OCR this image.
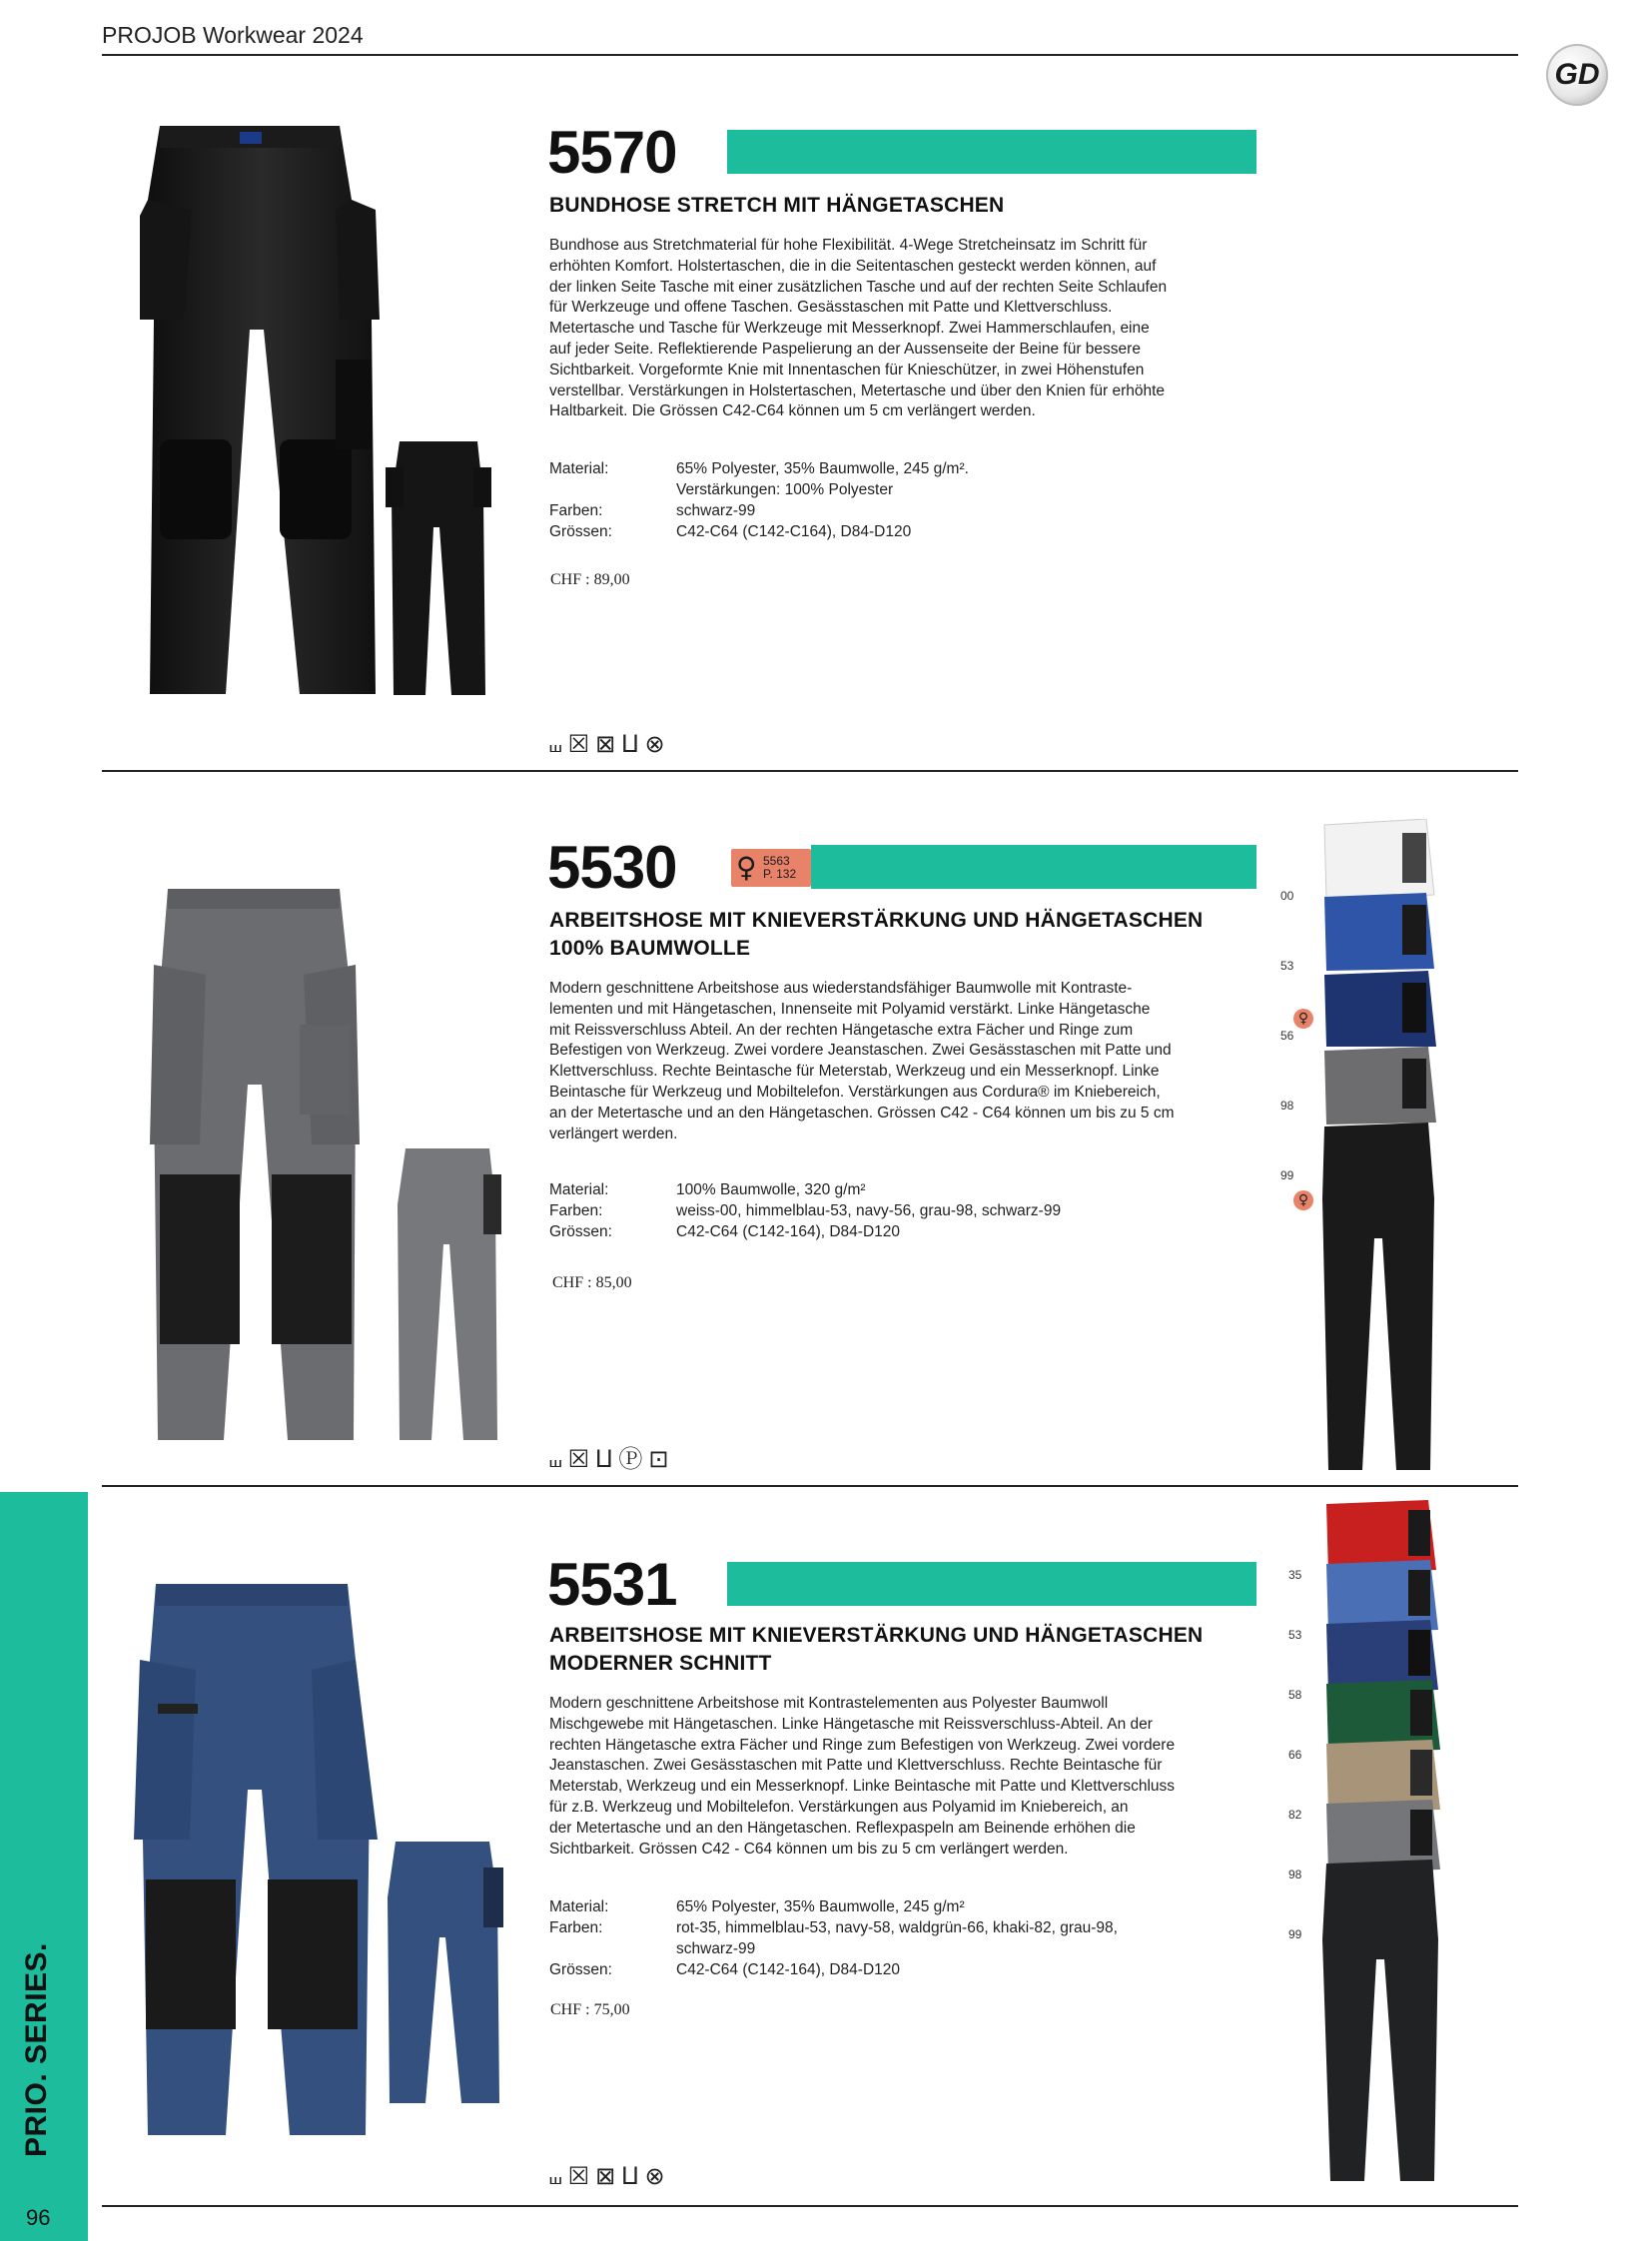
PROJOB Workwear 2024
GD
5570
BUNDHOSE STRETCH MIT HÄNGETASCHEN
Bundhose aus Stretchmaterial für hohe Flexibilität. 4-Wege Stretcheinsatz im Schritt für
erhöhten Komfort. Holstertaschen, die in die Seitentaschen gesteckt werden können, auf
der linken Seite Tasche mit einer zusätzlichen Tasche und auf der rechten Seite Schlaufen
für Werkzeuge und offene Taschen. Gesässtaschen mit Patte und Klettverschluss.
Metertasche und Tasche für Werkzeuge mit Messerknopf. Zwei Hammerschlaufen, eine
auf jeder Seite. Reflektierende Paspelierung an der Aussenseite der Beine für bessere
Sichtbarkeit. Vorgeformte Knie mit Innentaschen für Knieschützer, in zwei Höhenstufen
verstellbar. Verstärkungen in Holstertaschen, Metertasche und über den Knien für erhöhte
Haltbarkeit. Die Grössen C42-C64 können um 5 cm verlängert werden.
Material:	65% Polyester, 35% Baumwolle, 245 g/m².
Verstärkungen: 100% Polyester
Farben:	schwarz-99
Grössen:	C42-C64 (C142-C164), D84-D120
CHF : 89,00
⧢ ☒ ⊠ ⨿ ⊗
5530 ♀ 5563
P. 132
ARBEITSHOSE MIT KNIEVERSTÄRKUNG UND HÄNGETASCHEN
100% BAUMWOLLE
Modern geschnittene Arbeitshose aus wiederstandsfähiger Baumwolle mit Kontraste-
lementen und mit Hängetaschen, Innenseite mit Polyamid verstärkt. Linke Hängetasche
mit Reissverschluss Abteil. An der rechten Hängetasche extra Fächer und Ringe zum
Befestigen von Werkzeug. Zwei vordere Jeanstaschen. Zwei Gesässtaschen mit Patte und
Klettverschluss. Rechte Beintasche für Meterstab, Werkzeug und ein Messerknopf. Linke
Beintasche für Werkzeug und Mobiltelefon. Verstärkungen aus Cordura® im Kniebereich,
an der Metertasche und an den Hängetaschen. Grössen C42 - C64 können um bis zu 5 cm
verlängert werden.
Material:	100% Baumwolle, 320 g/m²
Farben:	weiss-00, himmelblau-53, navy-56, grau-98, schwarz-99
Grössen:	C42-C64 (C142-164), D84-D120
CHF : 85,00
⧢ ☒ ⨿ Ⓟ ⊡
00
53
56
98
99
♀
♀
5531
ARBEITSHOSE MIT KNIEVERSTÄRKUNG UND HÄNGETASCHEN
MODERNER SCHNITT
Modern geschnittene Arbeitshose mit Kontrastelementen aus Polyester Baumwoll
Mischgewebe mit Hängetaschen. Linke Hängetasche mit Reissverschluss-Abteil. An der
rechten Hängetasche extra Fächer und Ringe zum Befestigen von Werkzeug. Zwei vordere
Jeanstaschen. Zwei Gesässtaschen mit Patte und Klettverschluss. Rechte Beintasche für
Meterstab, Werkzeug und ein Messerknopf. Linke Beintasche mit Patte und Klettverschluss
für z.B. Werkzeug und Mobiltelefon. Verstärkungen aus Polyamid im Kniebereich, an
der Metertasche und an den Hängetaschen. Reflexpaspeln am Beinende erhöhen die
Sichtbarkeit. Grössen C42 - C64 können um bis zu 5 cm verlängert werden.
Material:	65% Polyester, 35% Baumwolle, 245 g/m²
Farben:	rot-35, himmelblau-53, navy-58, waldgrün-66, khaki-82, grau-98,
schwarz-99
Grössen:	C42-C64 (C142-164), D84-D120
CHF : 75,00
⧢ ☒ ⊠ ⨿ ⊗
35
53
58
66
82
98
99
PRIO. SERIES.
96
